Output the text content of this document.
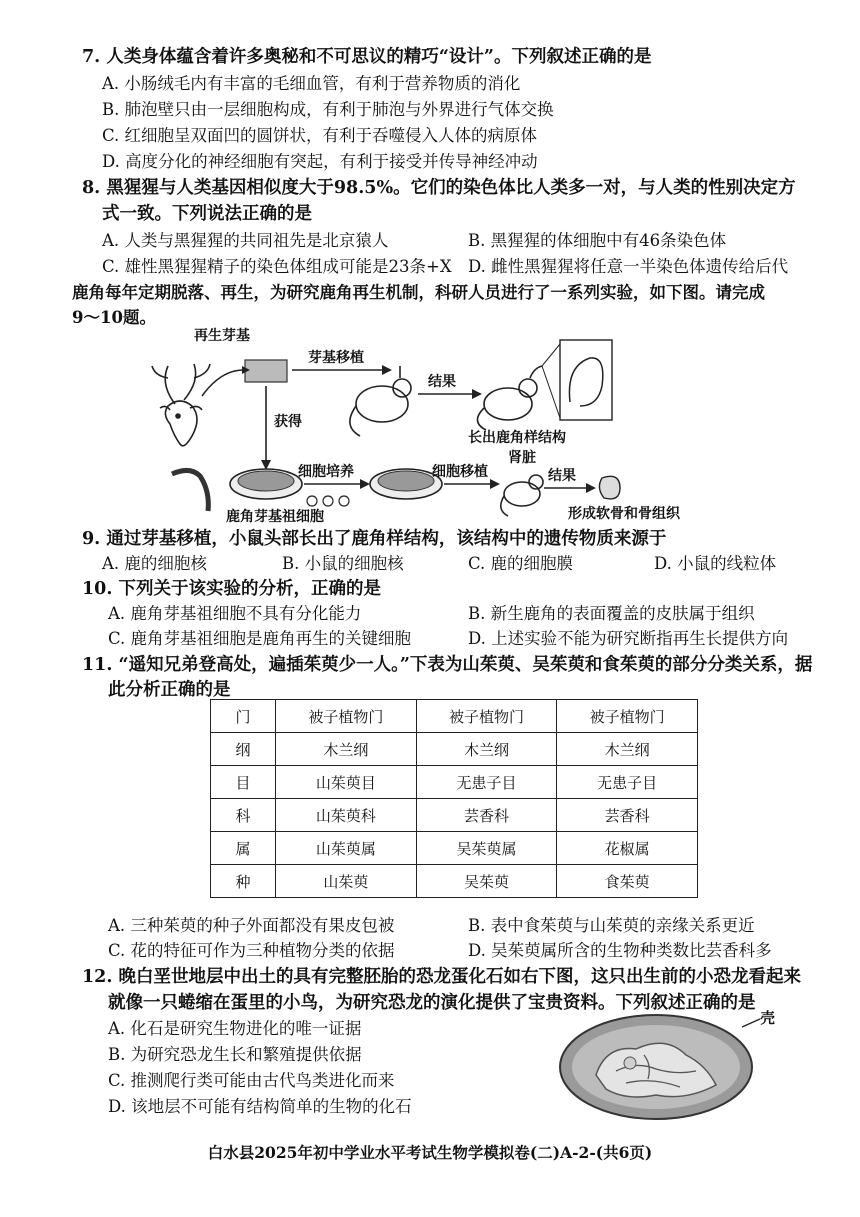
7. 人类身体蕴含着许多奥秘和不可思议的精巧“设计”。下列叙述正确的是
A. 小肠绒毛内有丰富的毛细血管，有利于营养物质的消化
B. 肺泡壁只由一层细胞构成，有利于肺泡与外界进行气体交换
C. 红细胞呈双面凹的圆饼状，有利于吞噬侵入人体的病原体
D. 高度分化的神经细胞有突起，有利于接受并传导神经冲动
8. 黑猩猩与人类基因相似度大于98.5%。它们的染色体比人类多一对，与人类的性别决定方
式一致。下列说法正确的是
A. 人类与黑猩猩的共同祖先是北京猿人	B. 黑猩猩的体细胞中有46条染色体
C. 雄性黑猩猩精子的染色体组成可能是23条+X D. 雌性黑猩猩将任意一半染色体遗传给后代
鹿角每年定期脱落、再生，为研究鹿角再生机制，科研人员进行了一系列实验，如下图。请完成
9～10题。
再生芽基
芽基移植
结果
长出鹿角样结构
获得
鹿角芽基祖细胞
细胞培养	细胞移植
肾脏
结果
形成软骨和骨组织
9. 通过芽基移植，小鼠头部长出了鹿角样结构，该结构中的遗传物质来源于
A. 鹿的细胞核	B. 小鼠的细胞核	C. 鹿的细胞膜	D. 小鼠的线粒体
10. 下列关于该实验的分析，正确的是
A. 鹿角芽基祖细胞不具有分化能力	B. 新生鹿角的表面覆盖的皮肤属于组织
C. 鹿角芽基祖细胞是鹿角再生的关键细胞	D. 上述实验不能为研究断指再生长提供方向
11. “遥知兄弟登高处，遍插茱萸少一人。”下表为山茱萸、吴茱萸和食茱萸的部分分类关系，据
此分析正确的是
门	被子植物门	被子植物门	被子植物门
纲	木兰纲	木兰纲	木兰纲
目	山茱萸目	无患子目	无患子目
科	山茱萸科	芸香科	芸香科
属	山茱萸属	吴茱萸属	花椒属
种	山茱萸	吴茱萸	食茱萸
A. 三种茱萸的种子外面都没有果皮包被	B. 表中食茱萸与山茱萸的亲缘关系更近
C. 花的特征可作为三种植物分类的依据	D. 吴茱萸属所含的生物种类数比芸香科多
12. 晚白垩世地层中出土的具有完整胚胎的恐龙蛋化石如右下图，这只出生前的小恐龙看起来
就像一只蜷缩在蛋里的小鸟，为研究恐龙的演化提供了宝贵资料。下列叙述正确的是
A. 化石是研究生物进化的唯一证据
B. 为研究恐龙生长和繁殖提供依据
C. 推测爬行类可能由古代鸟类进化而来
D. 该地层不可能有结构简单的生物的化石
壳
白水县2025年初中学业水平考试生物学模拟卷(二)A-2-(共6页)
